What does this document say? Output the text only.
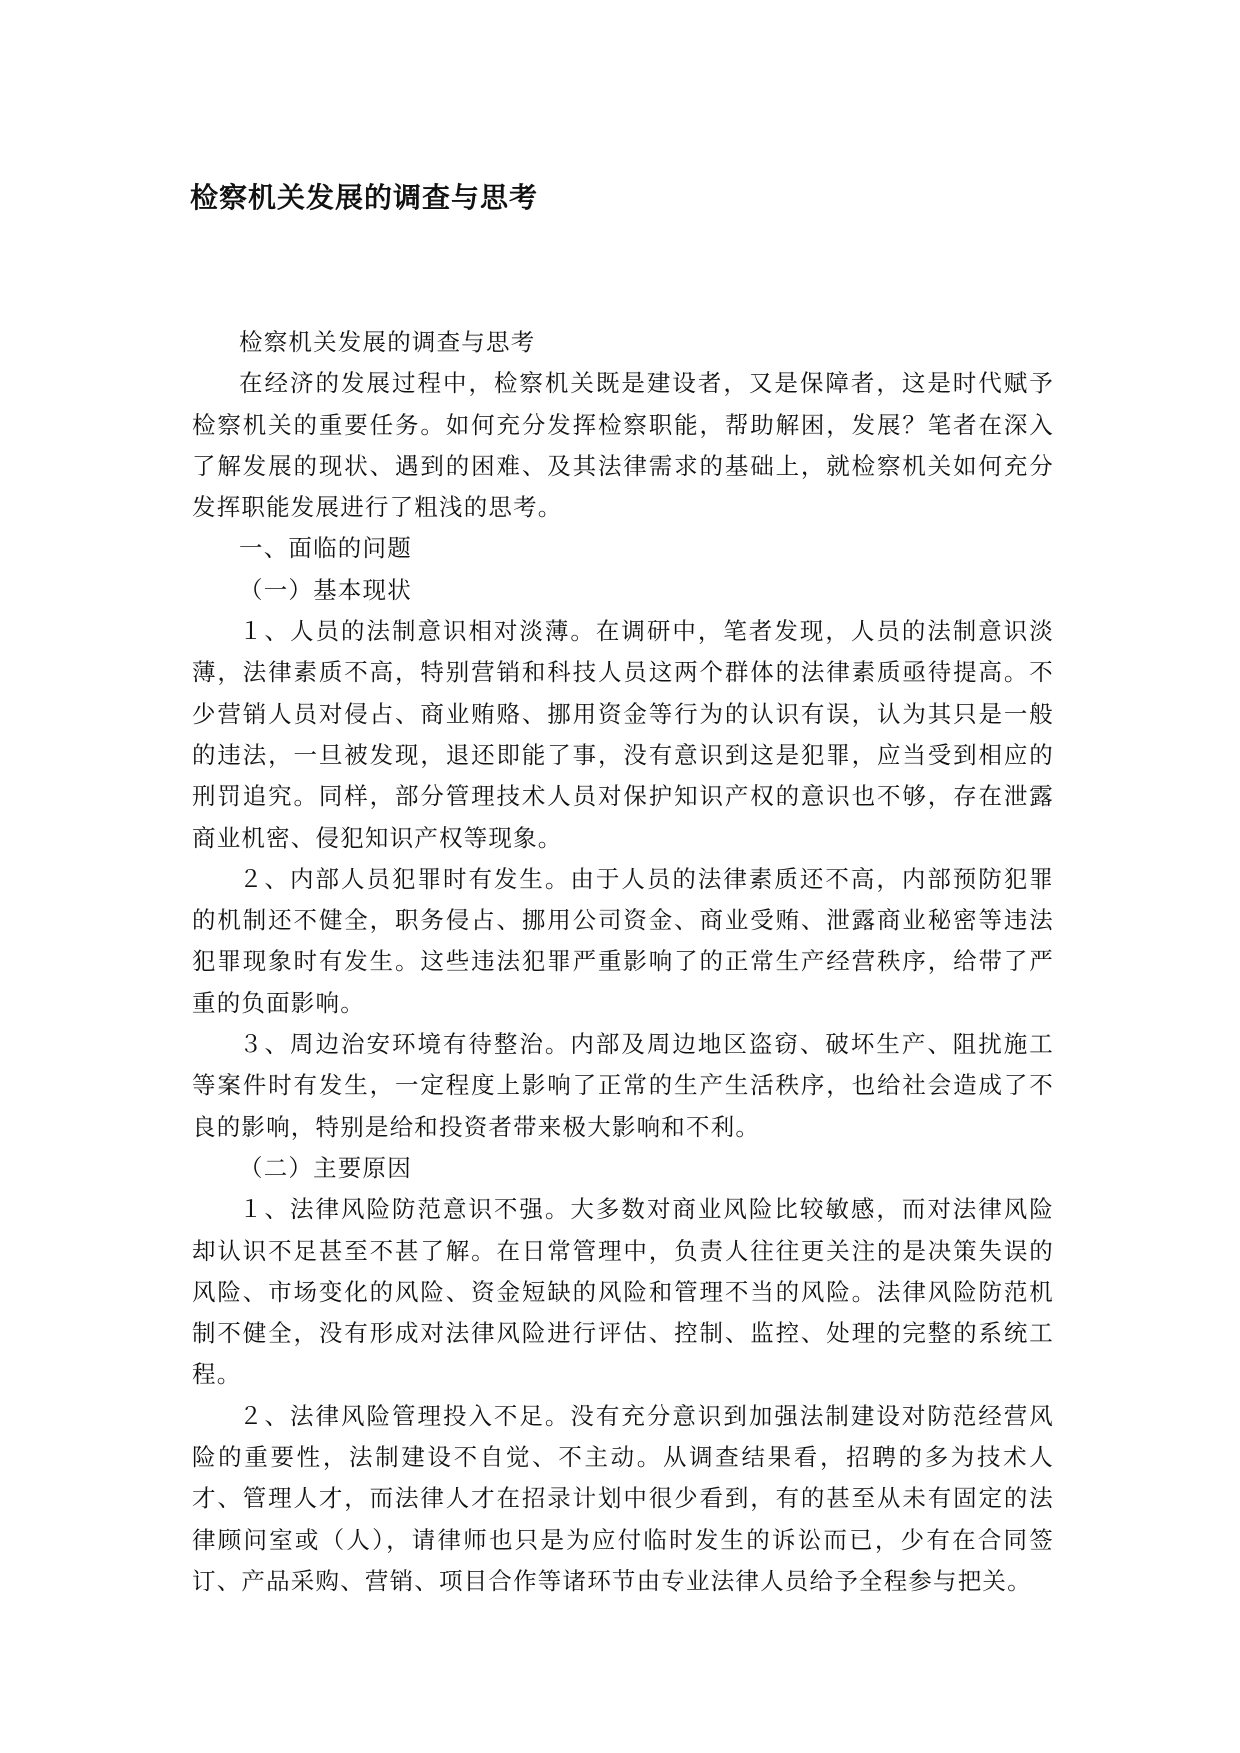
检察机关发展的调查与思考

检察机关发展的调查与思考

在经济的发展过程中，检察机关既是建设者，又是保障者，这是时代赋予检察机关的重要任务。如何充分发挥检察职能，帮助解困，发展？笔者在深入了解发展的现状、遇到的困难、及其法律需求的基础上，就检察机关如何充分发挥职能发展进行了粗浅的思考。

一、面临的问题

（一）基本现状

１、人员的法制意识相对淡薄。在调研中，笔者发现，人员的法制意识淡薄，法律素质不高，特别营销和科技人员这两个群体的法律素质亟待提高。不少营销人员对侵占、商业贿赂、挪用资金等行为的认识有误，认为其只是一般的违法，一旦被发现，退还即能了事，没有意识到这是犯罪，应当受到相应的刑罚追究。同样，部分管理技术人员对保护知识产权的意识也不够，存在泄露商业机密、侵犯知识产权等现象。

２、内部人员犯罪时有发生。由于人员的法律素质还不高，内部预防犯罪的机制还不健全，职务侵占、挪用公司资金、商业受贿、泄露商业秘密等违法犯罪现象时有发生。这些违法犯罪严重影响了的正常生产经营秩序，给带了严重的负面影响。

３、周边治安环境有待整治。内部及周边地区盗窃、破坏生产、阻扰施工等案件时有发生，一定程度上影响了正常的生产生活秩序，也给社会造成了不良的影响，特别是给和投资者带来极大影响和不利。

（二）主要原因

１、法律风险防范意识不强。大多数对商业风险比较敏感，而对法律风险却认识不足甚至不甚了解。在日常管理中，负责人往往更关注的是决策失误的风险、市场变化的风险、资金短缺的风险和管理不当的风险。法律风险防范机制不健全，没有形成对法律风险进行评估、控制、监控、处理的完整的系统工程。

２、法律风险管理投入不足。没有充分意识到加强法制建设对防范经营风险的重要性，法制建设不自觉、不主动。从调查结果看，招聘的多为技术人才、管理人才，而法律人才在招录计划中很少看到，有的甚至从未有固定的法律顾问室或（人），请律师也只是为应付临时发生的诉讼而已，少有在合同签订、产品采购、营销、项目合作等诸环节由专业法律人员给予全程参与把关。
